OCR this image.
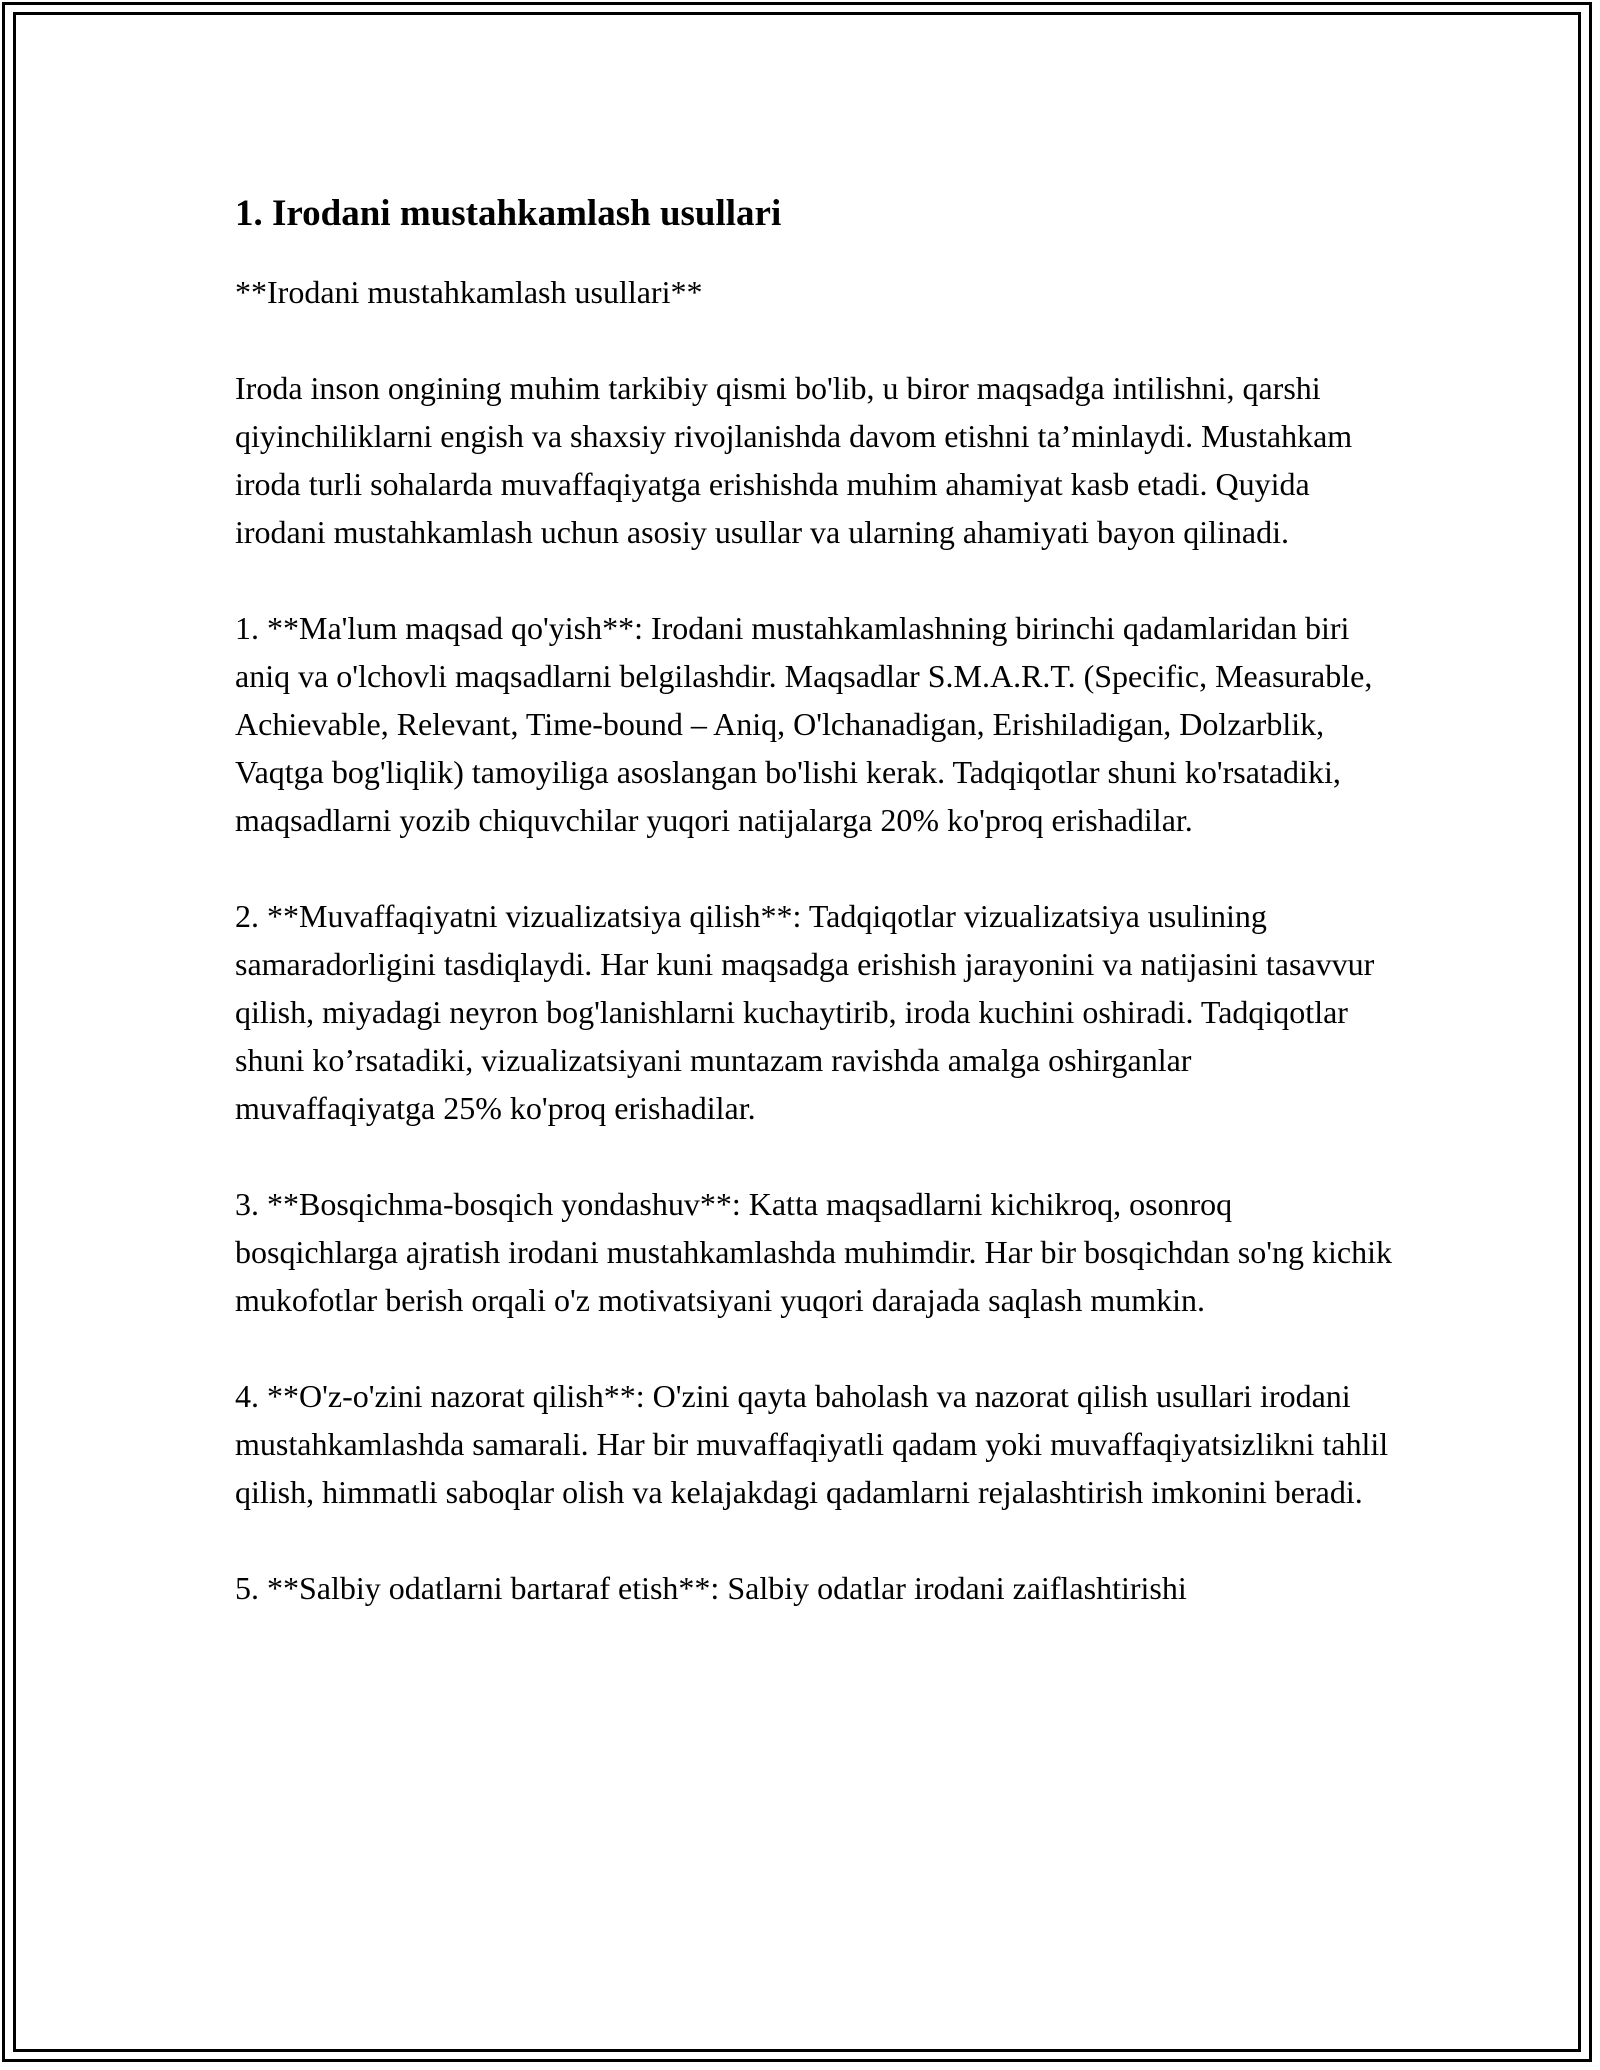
1. Irodani mustahkamlash usullari

**Irodani mustahkamlash usullari**

Iroda inson ongining muhim tarkibiy qismi bo'lib, u biror maqsadga intilishni, qarshi qiyinchiliklarni engish va shaxsiy rivojlanishda davom etishni ta’minlaydi. Mustahkam iroda turli sohalarda muvaffaqiyatga erishishda muhim ahamiyat kasb etadi. Quyida irodani mustahkamlash uchun asosiy usullar va ularning ahamiyati bayon qilinadi.

1. **Ma'lum maqsad qo'yish**: Irodani mustahkamlashning birinchi qadamlaridan biri aniq va o'lchovli maqsadlarni belgilashdir. Maqsadlar S.M.A.R.T. (Specific, Measurable, Achievable, Relevant, Time-bound – Aniq, O'lchanadigan, Erishiladigan, Dolzarblik, Vaqtga bog'liqlik) tamoyiliga asoslangan bo'lishi kerak. Tadqiqotlar shuni ko'rsatadiki, maqsadlarni yozib chiquvchilar yuqori natijalarga 20% ko'proq erishadilar.

2. **Muvaffaqiyatni vizualizatsiya qilish**: Tadqiqotlar vizualizatsiya usulining samaradorligini tasdiqlaydi. Har kuni maqsadga erishish jarayonini va natijasini tasavvur qilish, miyadagi neyron bog'lanishlarni kuchaytirib, iroda kuchini oshiradi. Tadqiqotlar shuni ko’rsatadiki, vizualizatsiyani muntazam ravishda amalga oshirganlar muvaffaqiyatga 25% ko'proq erishadilar.

3. **Bosqichma-bosqich yondashuv**: Katta maqsadlarni kichikroq, osonroq bosqichlarga ajratish irodani mustahkamlashda muhimdir. Har bir bosqichdan so'ng kichik mukofotlar berish orqali o'z motivatsiyani yuqori darajada saqlash mumkin.

4. **O'z-o'zini nazorat qilish**: O'zini qayta baholash va nazorat qilish usullari irodani mustahkamlashda samarali. Har bir muvaffaqiyatli qadam yoki muvaffaqiyatsizlikni tahlil qilish, himmatli saboqlar olish va kelajakdagi qadamlarni rejalashtirish imkonini beradi.

5. **Salbiy odatlarni bartaraf etish**: Salbiy odatlar irodani zaiflashtirishi
